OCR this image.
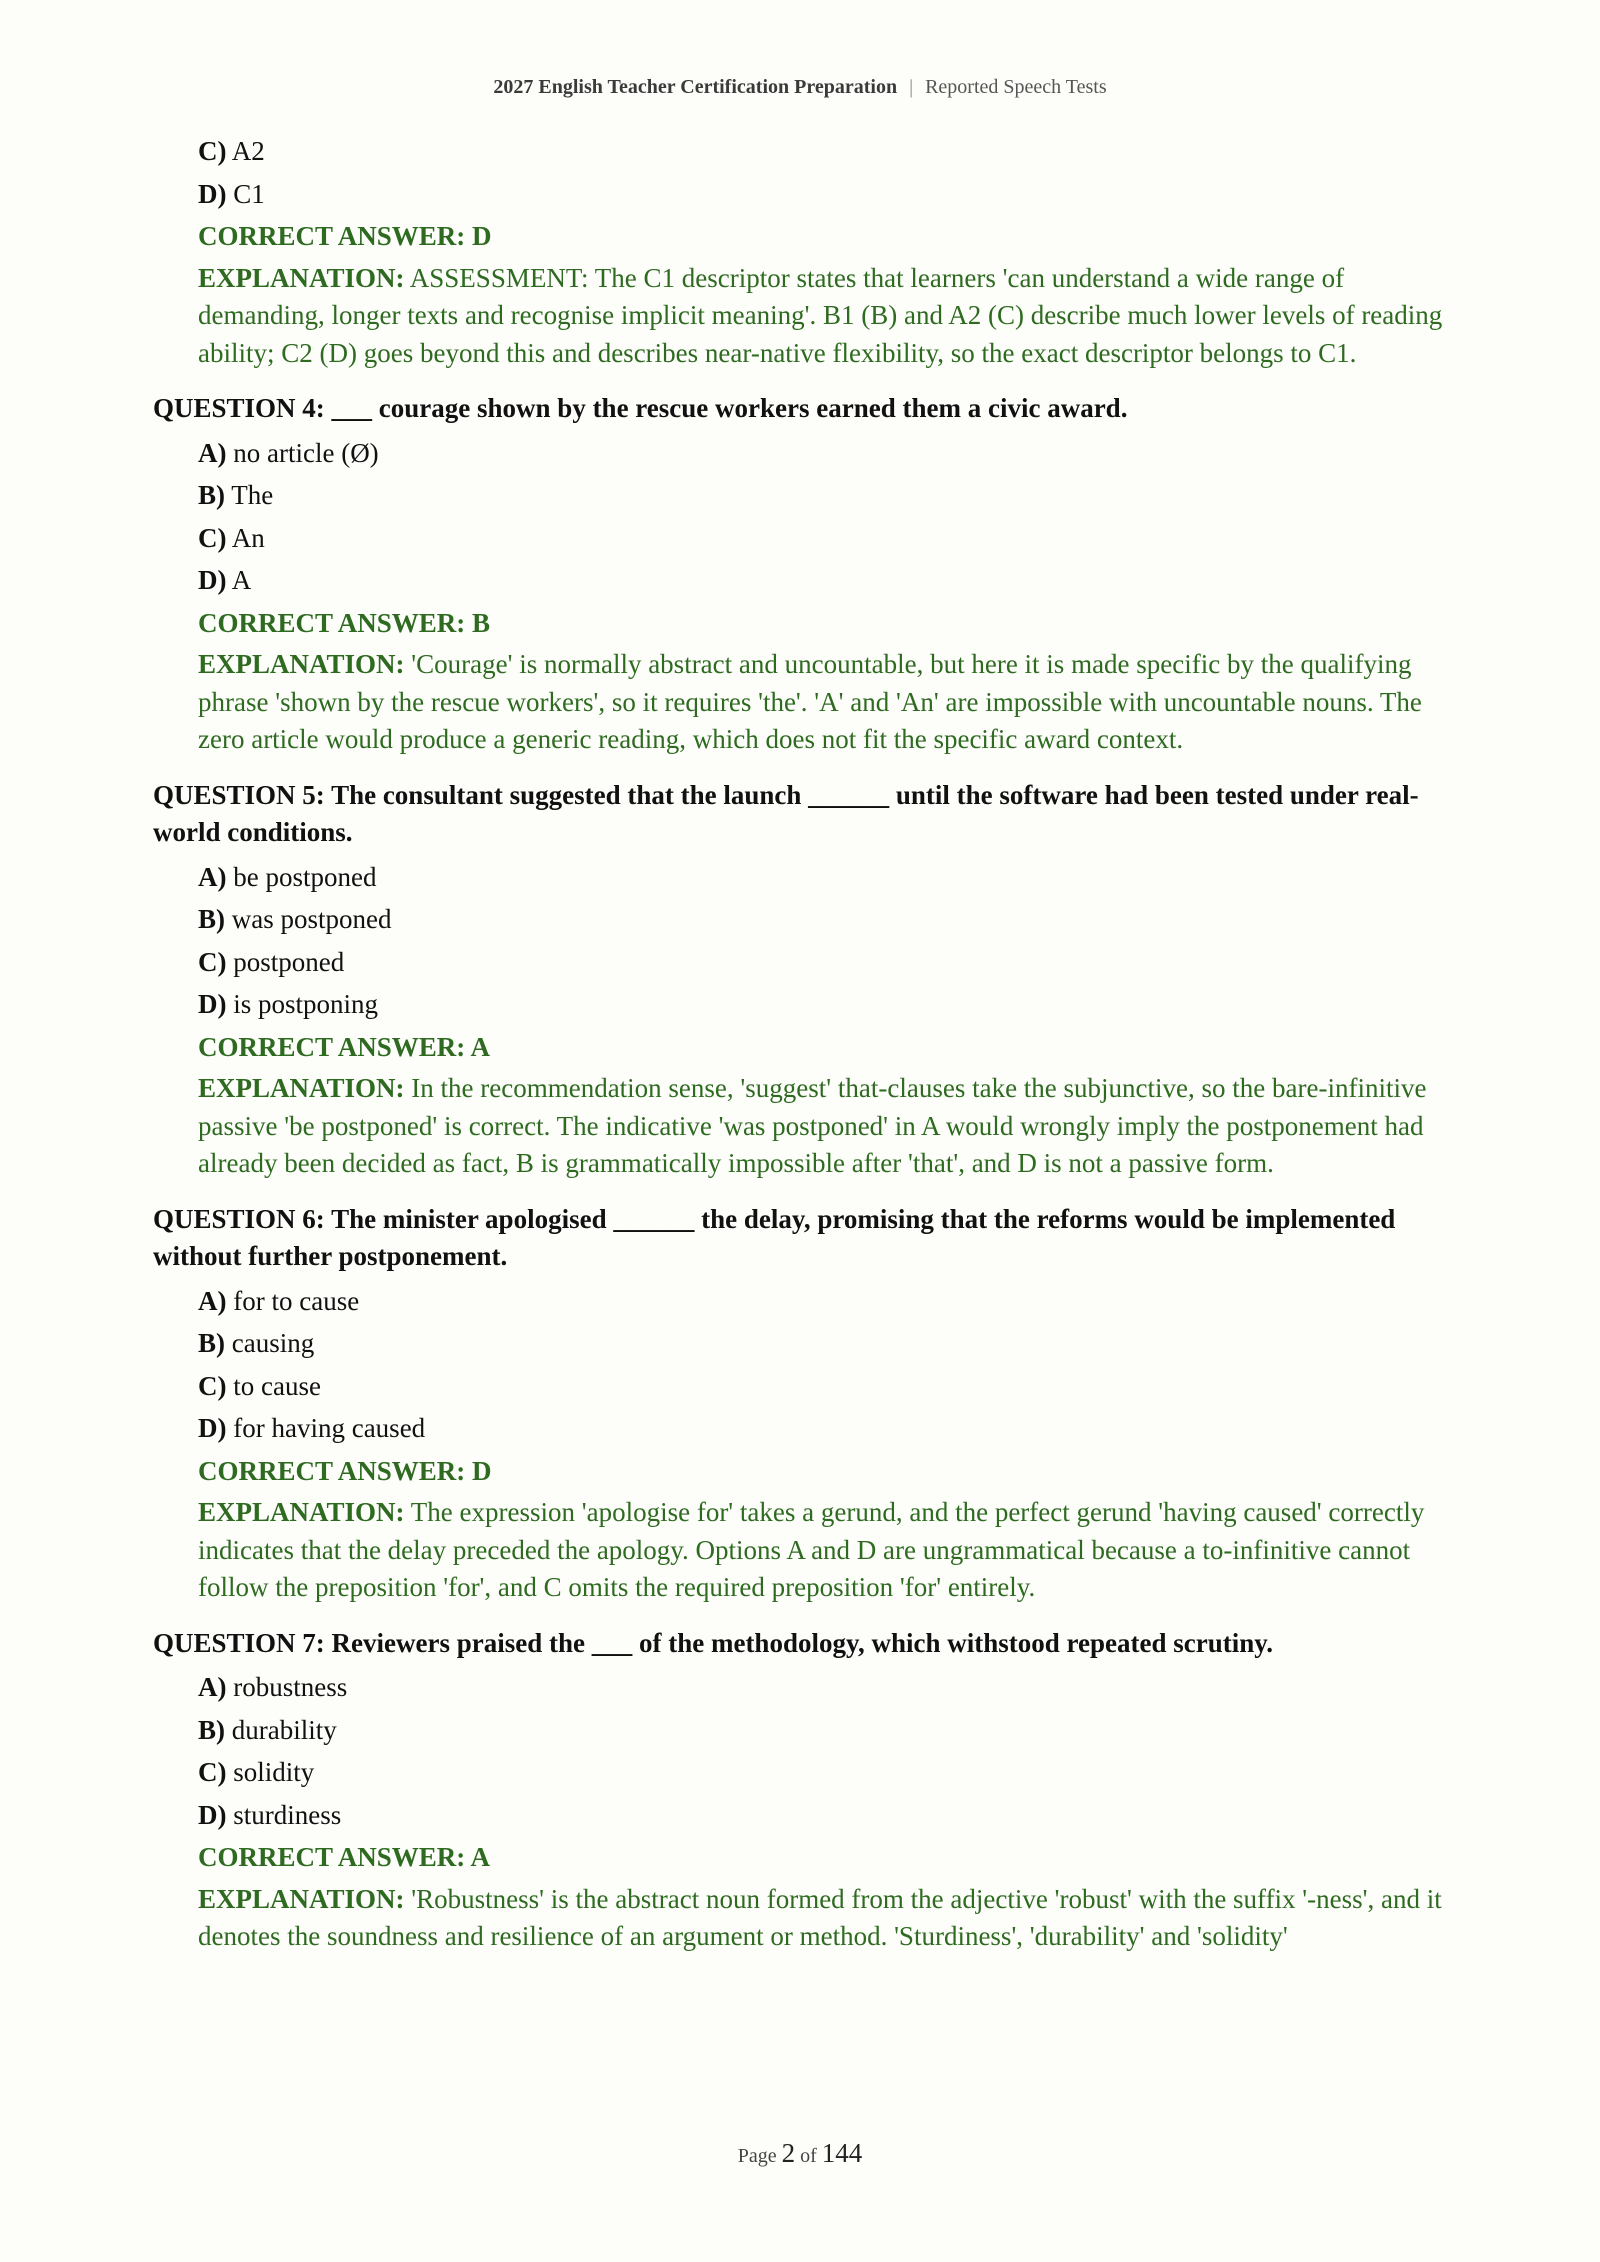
2027 English Teacher Certification Preparation | Reported Speech Tests
C) A2
D) C1
CORRECT ANSWER: D
EXPLANATION: ASSESSMENT: The C1 descriptor states that learners 'can understand a wide range of demanding, longer texts and recognise implicit meaning'. B1 (B) and A2 (C) describe much lower levels of reading ability; C2 (D) goes beyond this and describes near-native flexibility, so the exact descriptor belongs to C1.
QUESTION 4: ___ courage shown by the rescue workers earned them a civic award.
A) no article (Ø)
B) The
C) An
D) A
CORRECT ANSWER: B
EXPLANATION: 'Courage' is normally abstract and uncountable, but here it is made specific by the qualifying phrase 'shown by the rescue workers', so it requires 'the'. 'A' and 'An' are impossible with uncountable nouns. The zero article would produce a generic reading, which does not fit the specific award context.
QUESTION 5: The consultant suggested that the launch ______ until the software had been tested under real-world conditions.
A) be postponed
B) was postponed
C) postponed
D) is postponing
CORRECT ANSWER: A
EXPLANATION: In the recommendation sense, 'suggest' that-clauses take the subjunctive, so the bare-infinitive passive 'be postponed' is correct. The indicative 'was postponed' in A would wrongly imply the postponement had already been decided as fact, B is grammatically impossible after 'that', and D is not a passive form.
QUESTION 6: The minister apologised ______ the delay, promising that the reforms would be implemented without further postponement.
A) for to cause
B) causing
C) to cause
D) for having caused
CORRECT ANSWER: D
EXPLANATION: The expression 'apologise for' takes a gerund, and the perfect gerund 'having caused' correctly indicates that the delay preceded the apology. Options A and D are ungrammatical because a to-infinitive cannot follow the preposition 'for', and C omits the required preposition 'for' entirely.
QUESTION 7: Reviewers praised the ___ of the methodology, which withstood repeated scrutiny.
A) robustness
B) durability
C) solidity
D) sturdiness
CORRECT ANSWER: A
EXPLANATION: 'Robustness' is the abstract noun formed from the adjective 'robust' with the suffix '-ness', and it denotes the soundness and resilience of an argument or method. 'Sturdiness', 'durability' and 'solidity'
Page 2 of 144
